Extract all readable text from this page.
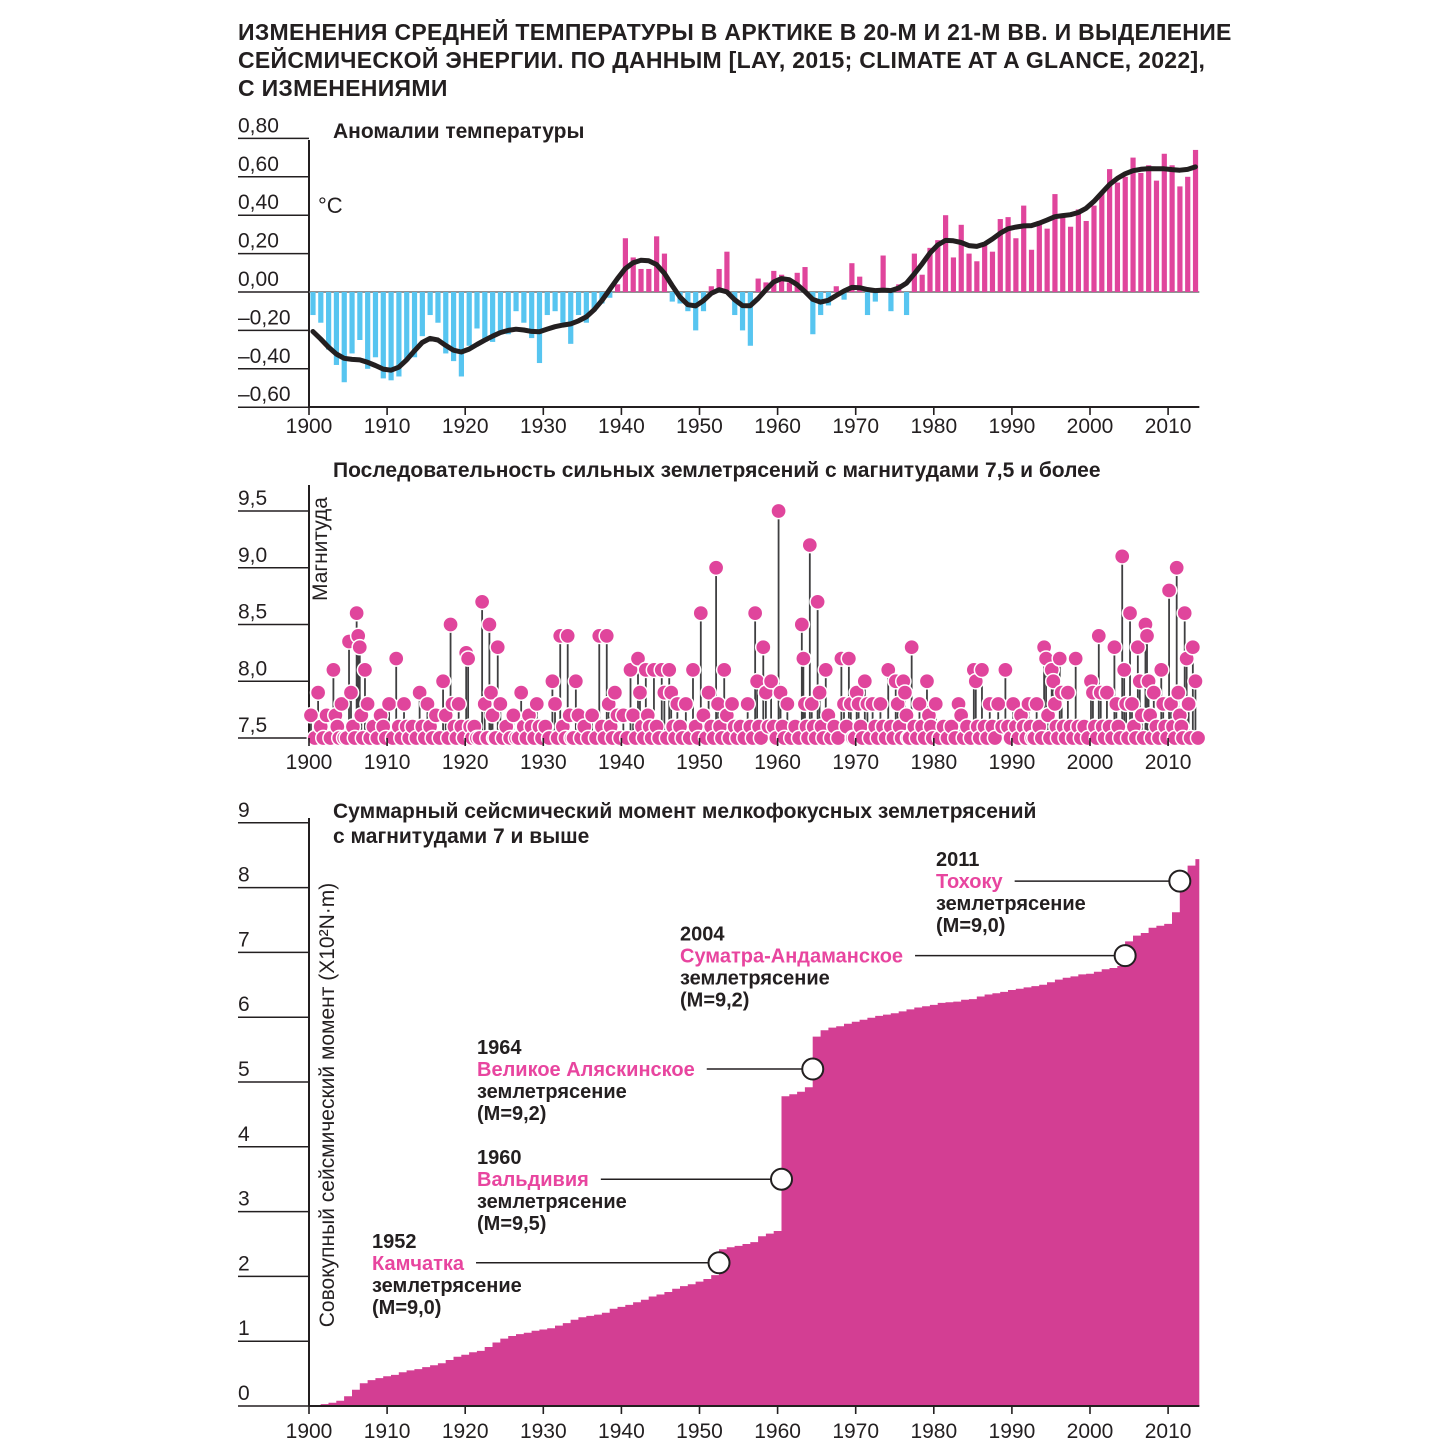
ИЗМЕНЕНИЯ СРЕДНЕЙ ТЕМПЕРАТУРЫ В АРКТИКЕ В 20-М И 21-М ВВ. И ВЫДЕЛЕНИЕ
СЕЙСМИЧЕСКОЙ ЭНЕРГИИ. ПО ДАННЫМ [LAY, 2015; CLIMATE AT A GLANCE, 2022],
С ИЗМЕНЕНИЯМИ
0,80
0,60
0,40
0,20
0,00
–0,20
–0,40
–0,60
Аномалии температуры
°C
1900 1910 1920 1930 1940 1950 1960 1970 1980 1990 2000 2010
9,5
9,0
8,5
8,0
7,5
Последовательность сильных землетрясений с магнитудами 7,5 и более
Магнитуда
1900 1910 1920 1930 1940 1950 1960 1970 1980 1990 2000 2010
9
8
7
6
5
4
3
2
1
0
Суммарный сейсмический момент мелкофокусных землетрясений
с магнитудами 7 и выше
Совокупный сейсмический момент (X10²N·m)
1900 1910 1920 1930 1940 1950 1960 1970 1980 1990 2000 2010
1952
Камчатка
землетрясение
(М=9,0)
1960
Вальдивия
землетрясение
(М=9,5)
1964
Великое Аляскинское
землетрясение
(М=9,2)
2004
Суматра-Андаманское
землетрясение
(М=9,2)
2011
Тохоку
землетрясение
(М=9,0)
